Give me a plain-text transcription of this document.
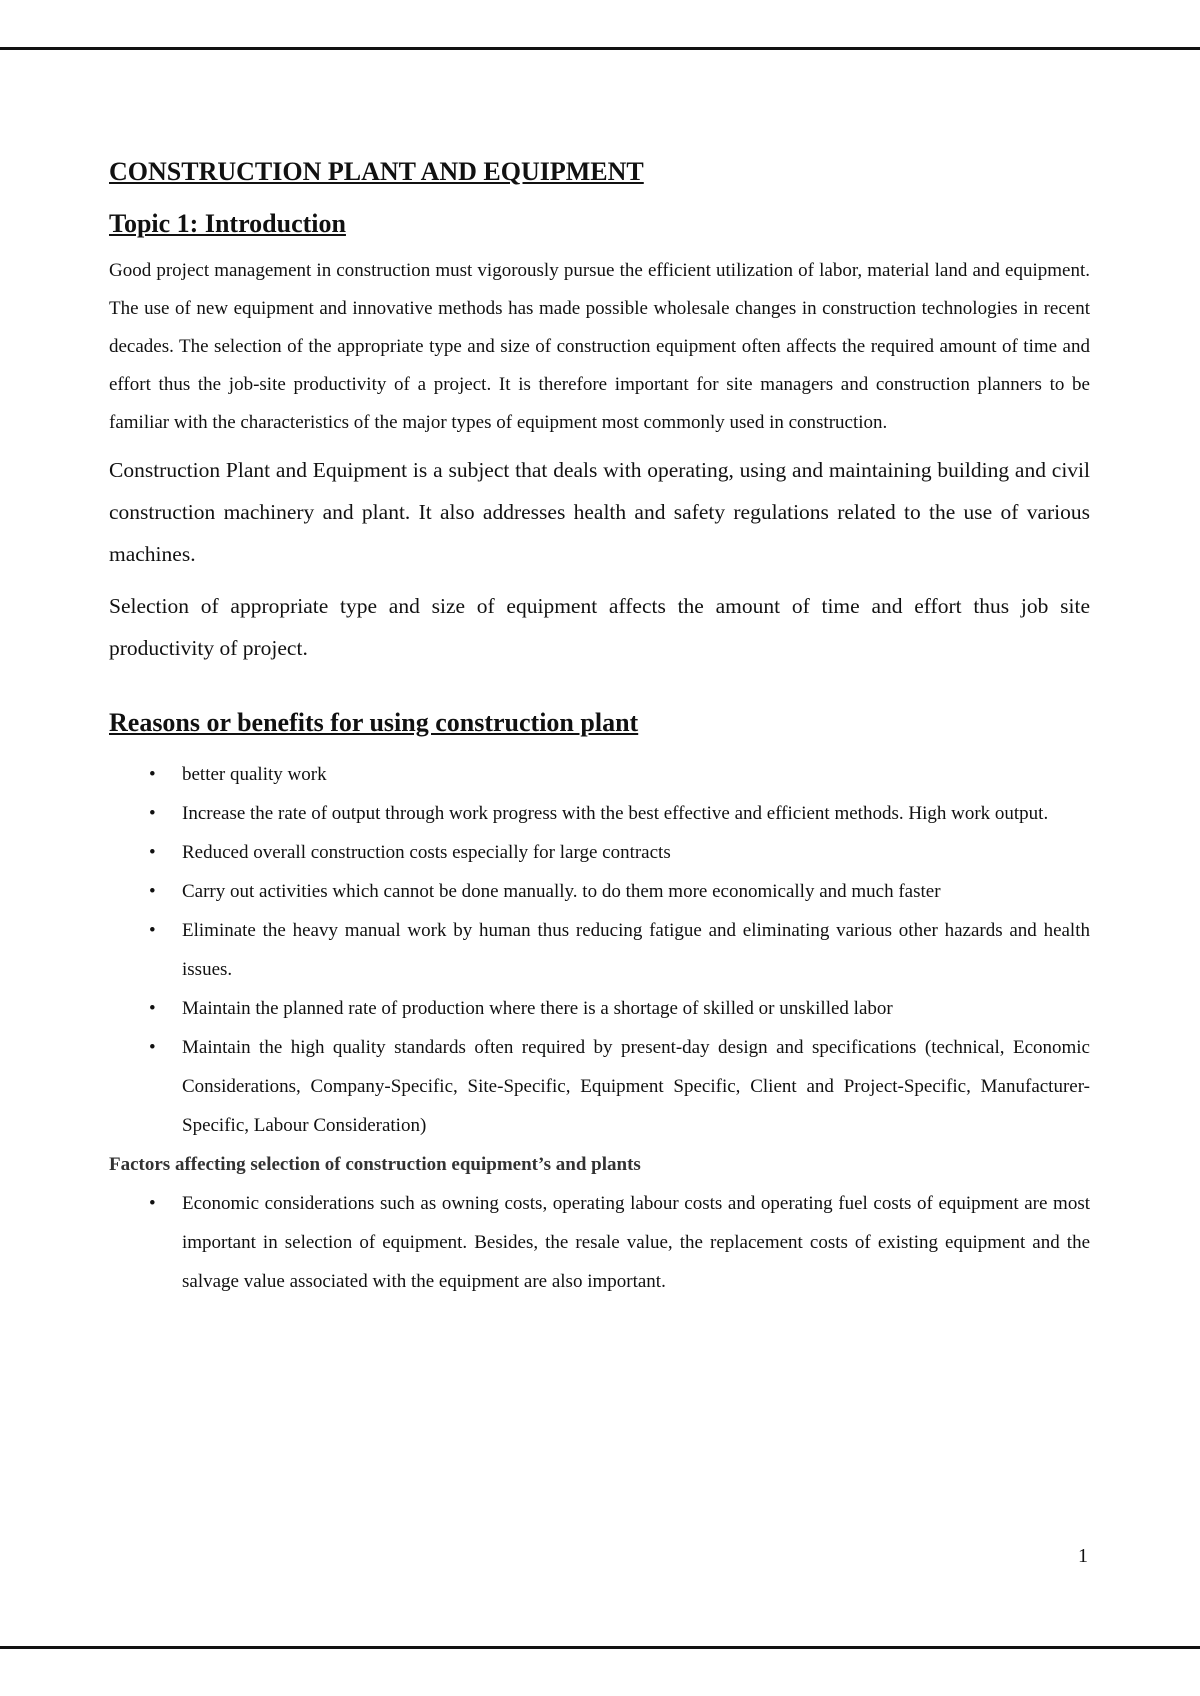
CONSTRUCTION PLANT AND EQUIPMENT
Topic 1: Introduction

Good project management in construction must vigorously pursue the efficient utilization of labor, material land and equipment. The use of new equipment and innovative methods has made possible wholesale changes in construction technologies in recent decades. The selection of the appropriate type and size of construction equipment often affects the required amount of time and effort thus the job-site productivity of a project. It is therefore important for site managers and construction planners to be familiar with the characteristics of the major types of equipment most commonly used in construction.

Construction Plant and Equipment is a subject that deals with operating, using and maintaining building and civil construction machinery and plant. It also addresses health and safety regulations related to the use of various machines.

Selection of appropriate type and size of equipment affects the amount of time and effort thus job site productivity of project.

Reasons or benefits for using construction plant
• better quality work
• Increase the rate of output through work progress with the best effective and efficient methods. High work output.
• Reduced overall construction costs especially for large contracts
• Carry out activities which cannot be done manually. to do them more economically and much faster
• Eliminate the heavy manual work by human thus reducing fatigue and eliminating various other hazards and health issues.
• Maintain the planned rate of production where there is a shortage of skilled or unskilled labor
• Maintain the high quality standards often required by present-day design and specifications (technical, Economic Considerations, Company-Specific, Site-Specific, Equipment Specific, Client and Project-Specific, Manufacturer-Specific, Labour Consideration)
Factors affecting selection of construction equipment’s and plants
• Economic considerations such as owning costs, operating labour costs and operating fuel costs of equipment are most important in selection of equipment. Besides, the resale value, the replacement costs of existing equipment and the salvage value associated with the equipment are also important.
1
